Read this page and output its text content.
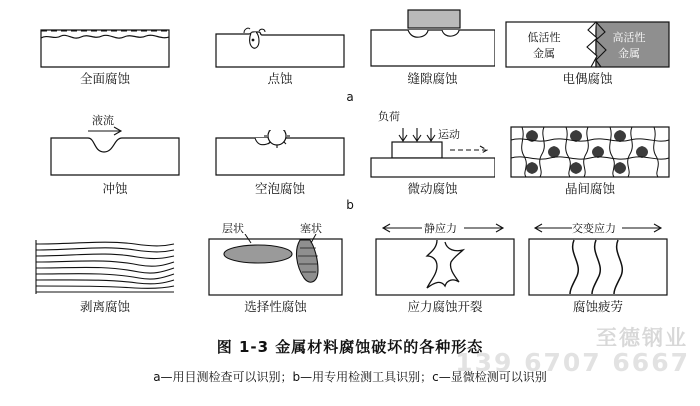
全面腐蚀	点蚀	缝隙腐蚀
低活性
金属
高活性
金属
电偶腐蚀
a
液流
冲蚀	空泡腐蚀
负荷
运动
微动腐蚀	晶间腐蚀
b
剥离腐蚀
层状	塞状
选择性腐蚀
静应力
应力腐蚀开裂
交变应力
腐蚀疲劳
图 1-3 金属材料腐蚀破坏的各种形态
a—用目测检查可以识别；b—用专用检测工具识别；c—显微检测可以识别
至德钢业
139 6707 6667
